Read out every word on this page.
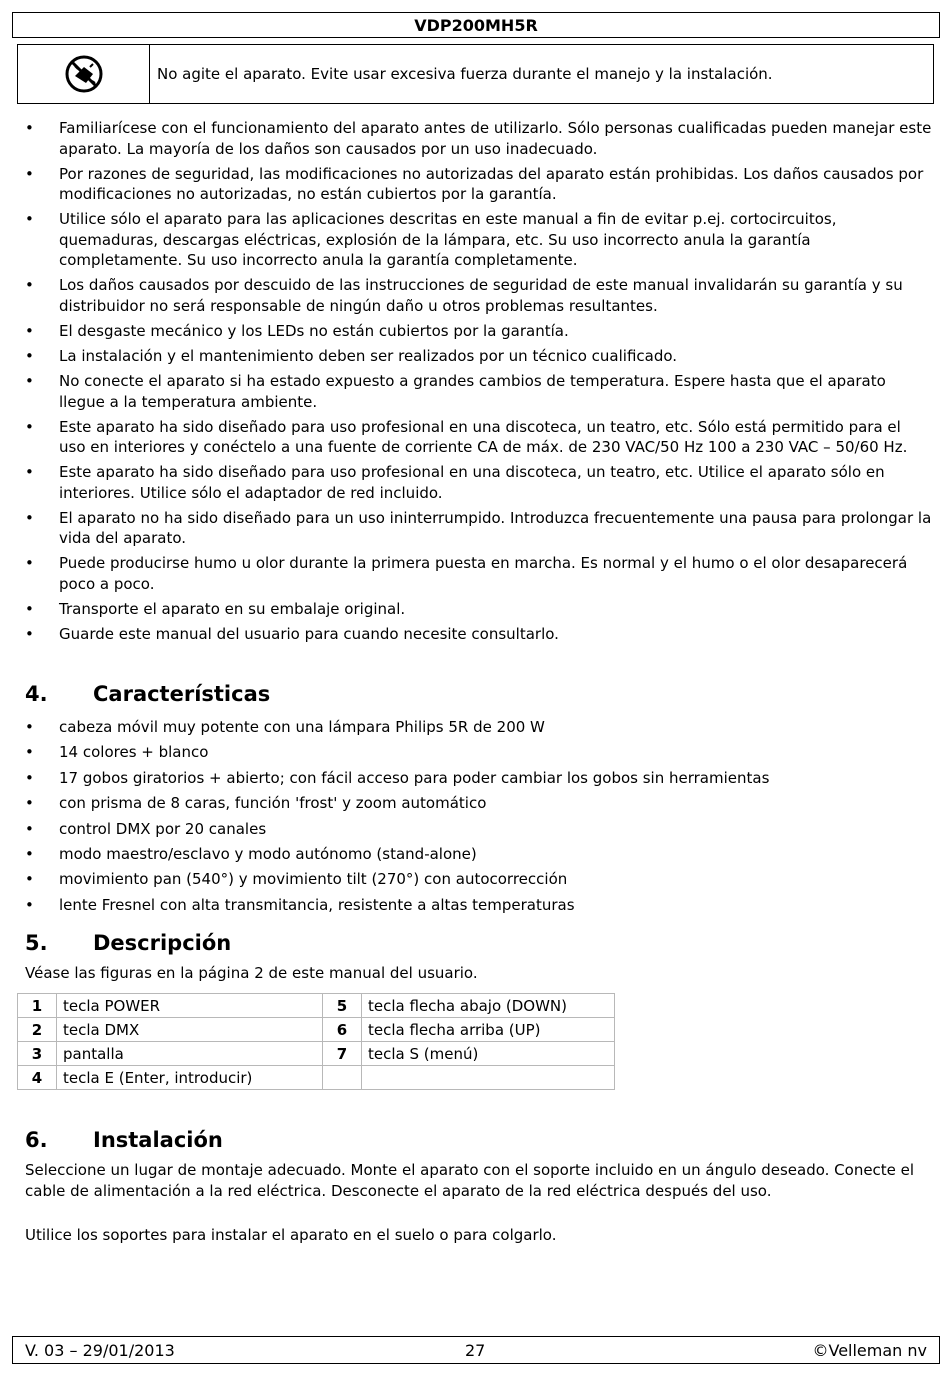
VDP200MH5R
No agite el aparato. Evite usar excesiva fuerza durante el manejo y la instalación.
• Familiarícese con el funcionamiento del aparato antes de utilizarlo. Sólo personas cualificadas pueden manejar este aparato. La mayoría de los daños son causados por un uso inadecuado.
• Por razones de seguridad, las modificaciones no autorizadas del aparato están prohibidas. Los daños causados por modificaciones no autorizadas, no están cubiertos por la garantía.
• Utilice sólo el aparato para las aplicaciones descritas en este manual a fin de evitar p.ej. cortocircuitos, quemaduras, descargas eléctricas, explosión de la lámpara, etc. Su uso incorrecto anula la garantía completamente. Su uso incorrecto anula la garantía completamente.
• Los daños causados por descuido de las instrucciones de seguridad de este manual invalidarán su garantía y su distribuidor no será responsable de ningún daño u otros problemas resultantes.
• El desgaste mecánico y los LEDs no están cubiertos por la garantía.
• La instalación y el mantenimiento deben ser realizados por un técnico cualificado.
• No conecte el aparato si ha estado expuesto a grandes cambios de temperatura. Espere hasta que el aparato llegue a la temperatura ambiente.
• Este aparato ha sido diseñado para uso profesional en una discoteca, un teatro, etc. Sólo está permitido para el uso en interiores y conéctelo a una fuente de corriente CA de máx. de 230 VAC/50 Hz 100 a 230 VAC – 50/60 Hz.
• Este aparato ha sido diseñado para uso profesional en una discoteca, un teatro, etc. Utilice el aparato sólo en interiores. Utilice sólo el adaptador de red incluido.
• El aparato no ha sido diseñado para un uso ininterrumpido. Introduzca frecuentemente una pausa para prolongar la vida del aparato.
• Puede producirse humo u olor durante la primera puesta en marcha. Es normal y el humo o el olor desaparecerá poco a poco.
• Transporte el aparato en su embalaje original.
• Guarde este manual del usuario para cuando necesite consultarlo.
4. Características
• cabeza móvil muy potente con una lámpara Philips 5R de 200 W
• 14 colores + blanco
• 17 gobos giratorios + abierto; con fácil acceso para poder cambiar los gobos sin herramientas
• con prisma de 8 caras, función 'frost' y zoom automático
• control DMX por 20 canales
• modo maestro/esclavo y modo autónomo (stand-alone)
• movimiento pan (540°) y movimiento tilt (270°) con autocorrección
• lente Fresnel con alta transmitancia, resistente a altas temperaturas
5. Descripción

Véase las figuras en la página 2 de este manual del usuario.

1	tecla POWER	5	tecla flecha abajo (DOWN)
2	tecla DMX	6	tecla flecha arriba (UP)
3	pantalla	7	tecla S (menú)
4	tecla E (Enter, introducir)		
6. Instalación

Seleccione un lugar de montaje adecuado. Monte el aparato con el soporte incluido en un ángulo deseado. Conecte el cable de alimentación a la red eléctrica. Desconecte el aparato de la red eléctrica después del uso.

Utilice los soportes para instalar el aparato en el suelo o para colgarlo.

V. 03 – 29/01/2013	27	©Velleman nv
